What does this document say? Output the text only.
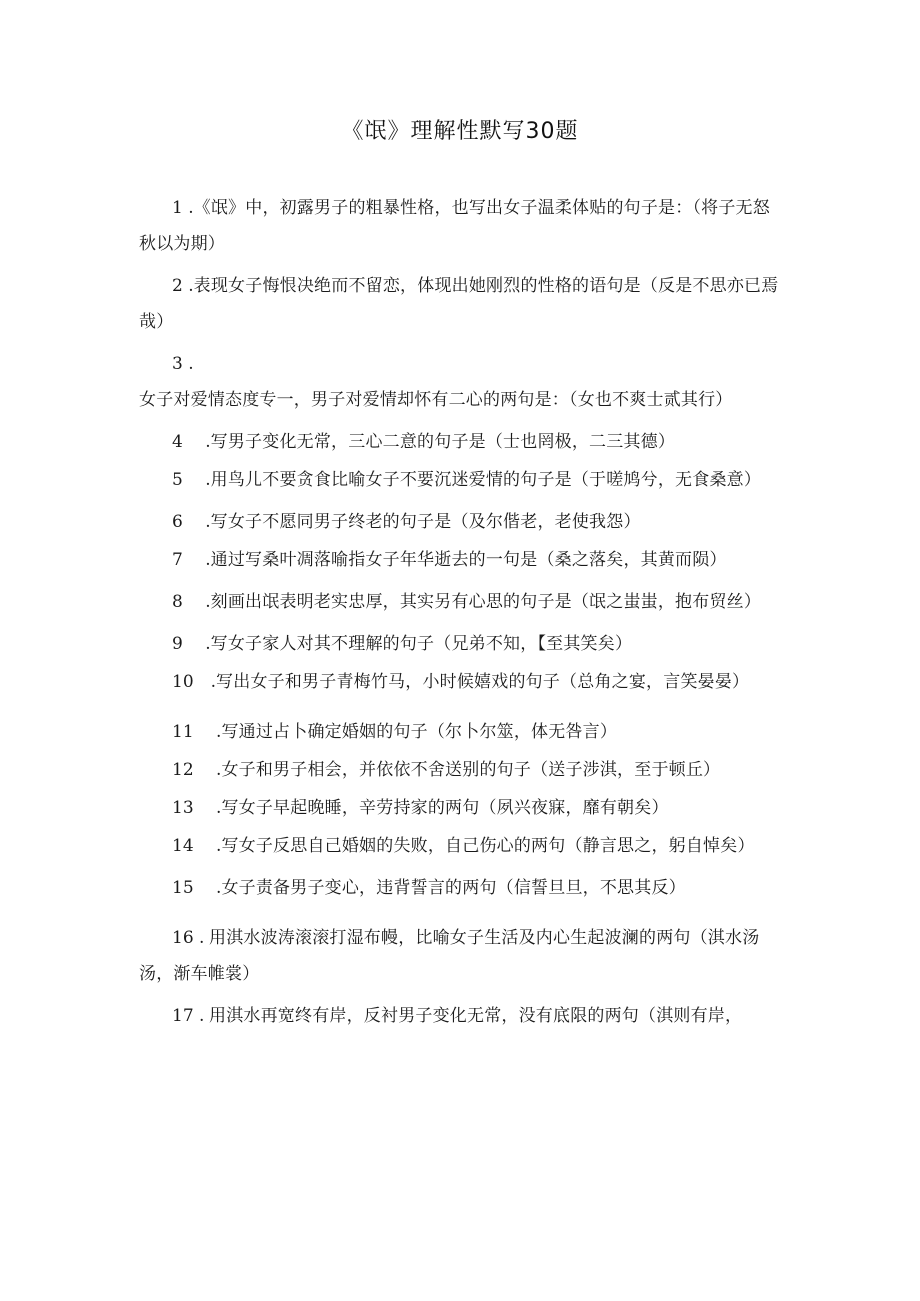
《氓》理解性默写30题
1 .《氓》中，初露男子的粗暴性格，也写出女子温柔体贴的句子是：（将子无怒秋以为期）
2 .表现女子悔恨决绝而不留恋，体现出她刚烈的性格的语句是（反是不思亦已焉哉）
3 .女子对爱情态度专一，男子对爱情却怀有二心的两句是：（女也不爽士贰其行）
4　 .写男子变化无常，三心二意的句子是（士也罔极，二三其德）
5　 .用鸟儿不要贪食比喻女子不要沉迷爱情的句子是（于嗟鸠兮，无食桑意）
6　 .写女子不愿同男子终老的句子是（及尔偕老，老使我怨）
7　 .通过写桑叶凋落喻指女子年华逝去的一句是（桑之落矣，其黄而陨）
8　 .刻画出氓表明老实忠厚，其实另有心思的句子是（氓之蚩蚩，抱布贸丝）
9　 .写女子家人对其不理解的句子（兄弟不知，【至其笑矣）
10　.写出女子和男子青梅竹马，小时候嬉戏的句子（总角之宴，言笑晏晏）
11　 .写通过占卜确定婚姻的句子（尔卜尔筮，体无咎言）
12　 .女子和男子相会，并依依不舍送别的句子（送子涉淇，至于顿丘）
13　 .写女子早起晚睡，辛劳持家的两句（夙兴夜寐，靡有朝矣）
14　 .写女子反思自己婚姻的失败，自己伤心的两句（静言思之，躬自悼矣）
15　 .女子责备男子变心，违背誓言的两句（信誓旦旦，不思其反）
16 . 用淇水波涛滚滚打湿布幔，比喻女子生活及内心生起波澜的两句（淇水汤汤，渐车帷裳）
17 . 用淇水再宽终有岸，反衬男子变化无常，没有底限的两句（淇则有岸，
